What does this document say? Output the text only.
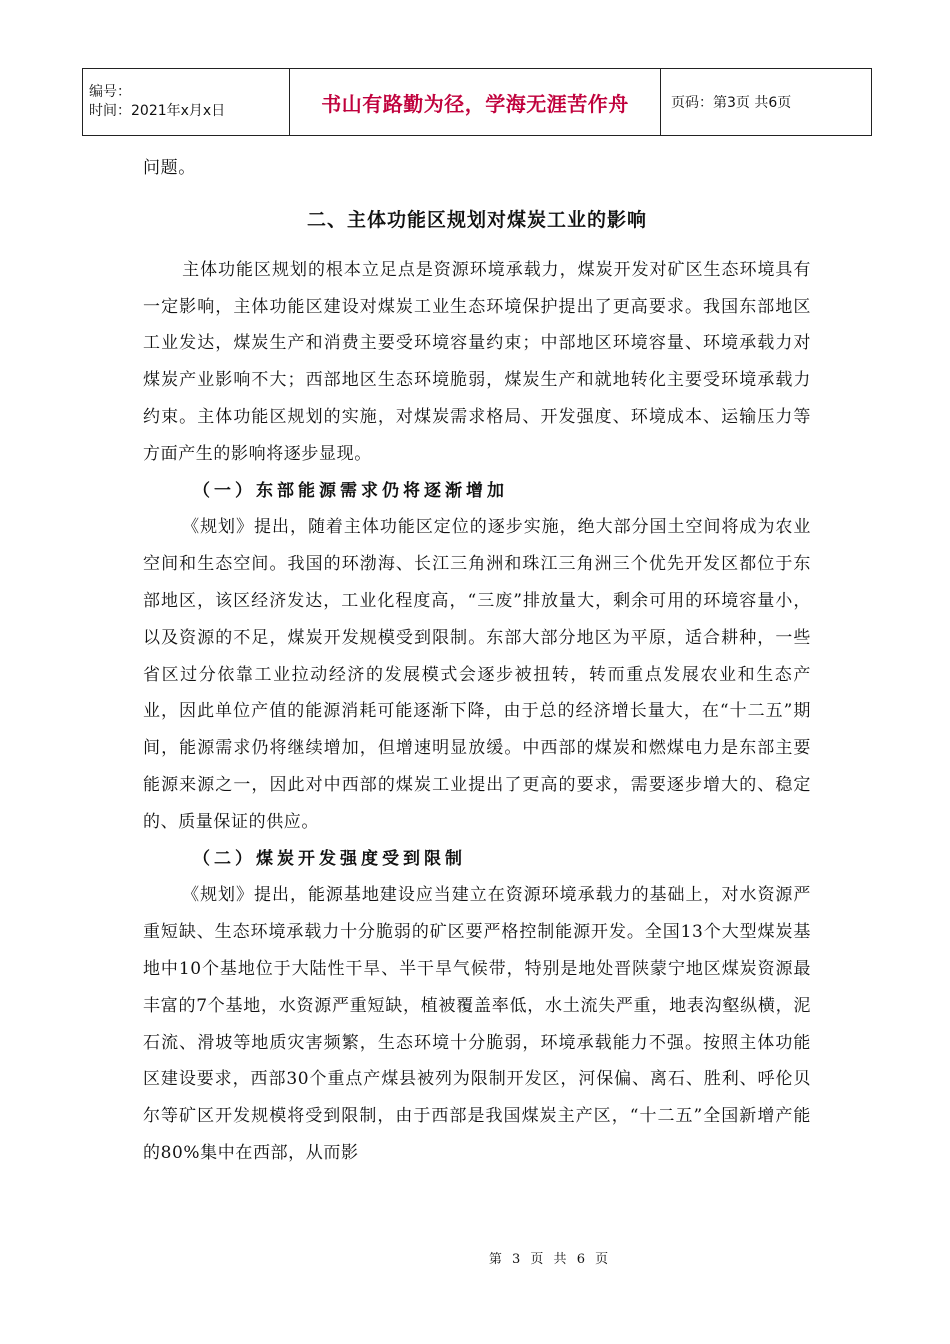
编号：
时间：2021年x月x日	书山有路勤为径，学海无涯苦作舟	页码：第3页 共6页

问题。

二、主体功能区规划对煤炭工业的影响

主体功能区规划的根本立足点是资源环境承载力，煤炭开发对矿区生态环境具有一定影响，主体功能区建设对煤炭工业生态环境保护提出了更高要求。我国东部地区工业发达，煤炭生产和消费主要受环境容量约束；中部地区环境容量、环境承载力对煤炭产业影响不大；西部地区生态环境脆弱，煤炭生产和就地转化主要受环境承载力约束。主体功能区规划的实施，对煤炭需求格局、开发强度、环境成本、运输压力等方面产生的影响将逐步显现。

（一）东部能源需求仍将逐渐增加

《规划》提出，随着主体功能区定位的逐步实施，绝大部分国土空间将成为农业空间和生态空间。我国的环渤海、长江三角洲和珠江三角洲三个优先开发区都位于东部地区，该区经济发达，工业化程度高，“三废”排放量大，剩余可用的环境容量小，以及资源的不足，煤炭开发规模受到限制。东部大部分地区为平原，适合耕种，一些省区过分依靠工业拉动经济的发展模式会逐步被扭转，转而重点发展农业和生态产业，因此单位产值的能源消耗可能逐渐下降，由于总的经济增长量大，在“十二五”期间，能源需求仍将继续增加，但增速明显放缓。中西部的煤炭和燃煤电力是东部主要能源来源之一，因此对中西部的煤炭工业提出了更高的要求，需要逐步增大的、稳定的、质量保证的供应。

（二）煤炭开发强度受到限制

《规划》提出，能源基地建设应当建立在资源环境承载力的基础上，对水资源严重短缺、生态环境承载力十分脆弱的矿区要严格控制能源开发。全国13个大型煤炭基地中10个基地位于大陆性干旱、半干旱气候带，特别是地处晋陕蒙宁地区煤炭资源最丰富的7个基地，水资源严重短缺，植被覆盖率低，水土流失严重，地表沟壑纵横，泥石流、滑坡等地质灾害频繁，生态环境十分脆弱，环境承载能力不强。按照主体功能区建设要求，西部30个重点产煤县被列为限制开发区，河保偏、离石、胜利、呼伦贝尔等矿区开发规模将受到限制，由于西部是我国煤炭主产区，“十二五”全国新增产能的80%集中在西部，从而影

第 3 页 共 6 页
